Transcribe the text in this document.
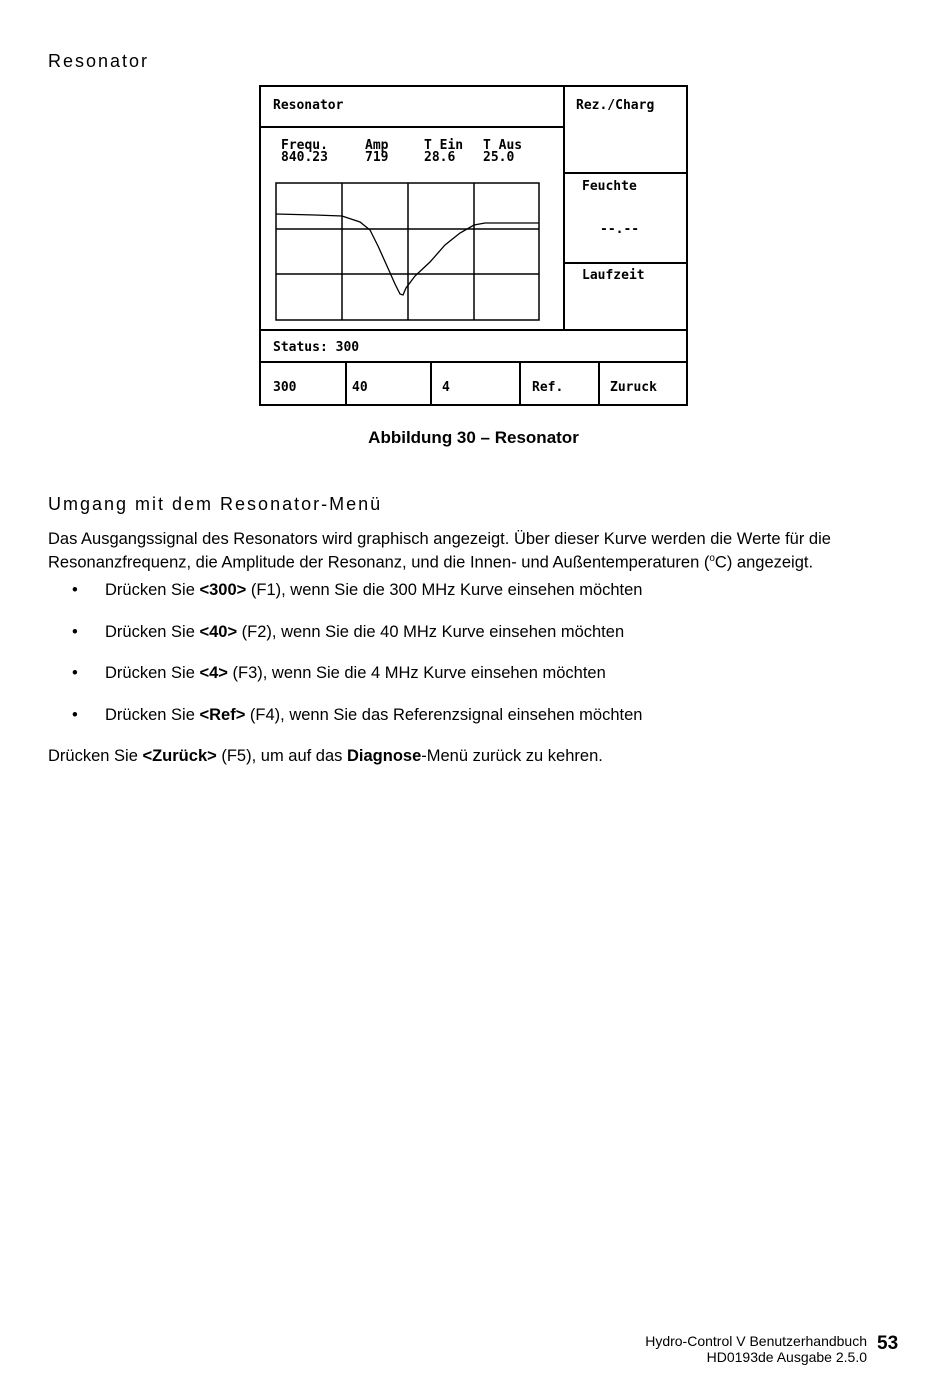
Resonator
Resonator	Rez./Charg
Frequ.	Amp	T Ein T Aus
840.23	719	28.6 25.0
Feuchte
--.--
Laufzeit
Status: 300
300	40	4	Ref.	Zuruck
Abbildung 30 – Resonator
Umgang mit dem Resonator-Menü
Das Ausgangssignal des Resonators wird graphisch angezeigt. Über dieser Kurve werden die Werte für die
Resonanzfrequenz, die Amplitude der Resonanz, und die Innen- und Außentemperaturen ($^o$C) angezeigt.
• Drücken Sie <300> (F1), wenn Sie die 300 MHz Kurve einsehen möchten
• Drücken Sie <40> (F2), wenn Sie die 40 MHz Kurve einsehen möchten
• Drücken Sie <4> (F3), wenn Sie die 4 MHz Kurve einsehen möchten
• Drücken Sie <Ref> (F4), wenn Sie das Referenzsignal einsehen möchten
Drücken Sie <Zurück> (F5), um auf das Diagnose-Menü zurück zu kehren.
Hydro-Control V Benutzerhandbuch
HD0193de Ausgabe 2.5.0
53
